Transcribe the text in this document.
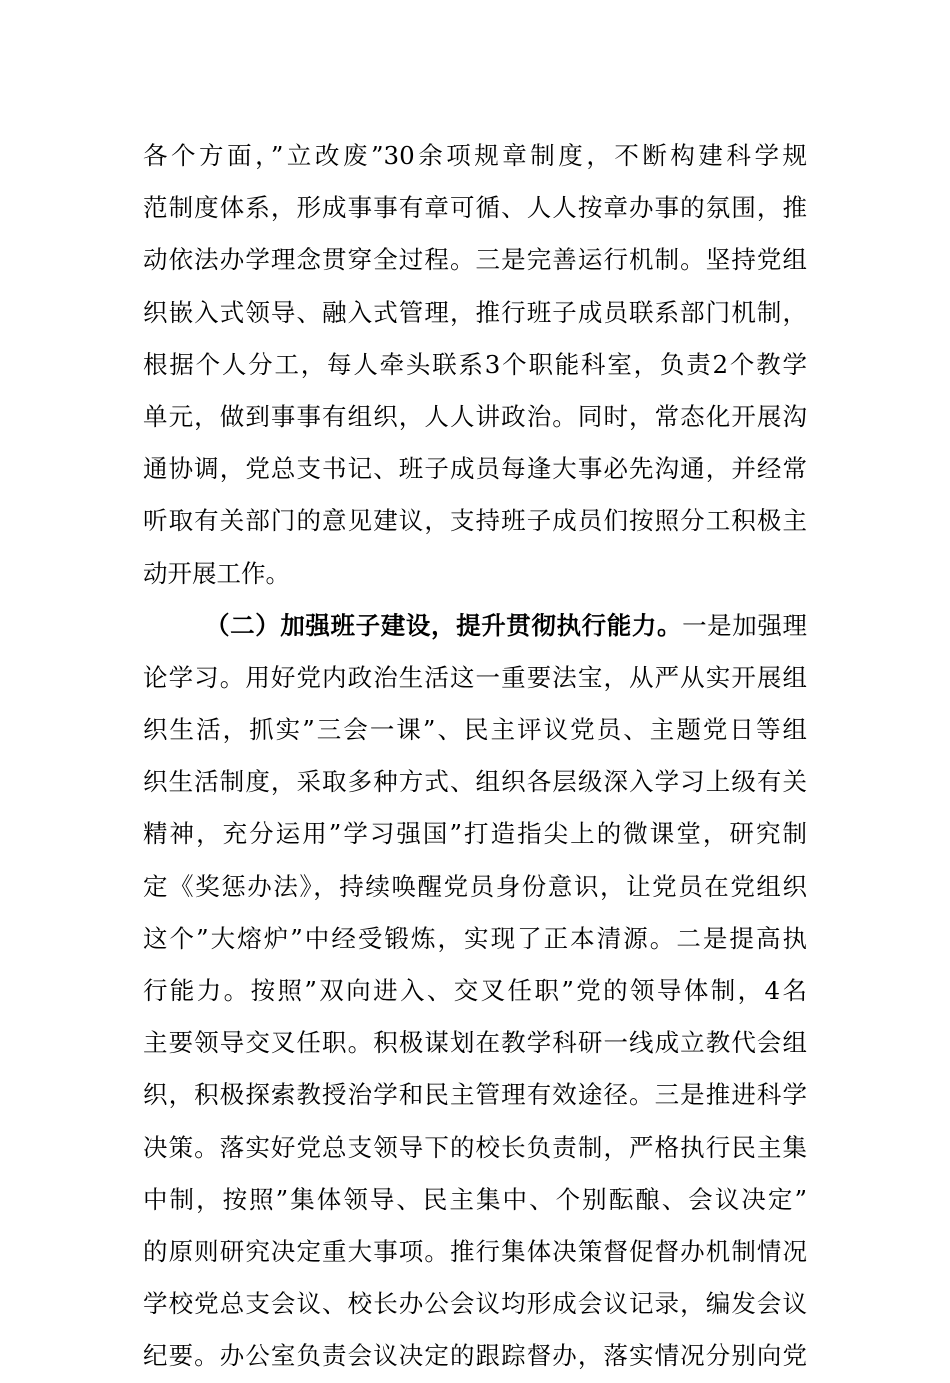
各个方面，”立改废”30余项规章制度，不断构建科学规
范制度体系，形成事事有章可循、人人按章办事的氛围，推
动依法办学理念贯穿全过程。三是完善运行机制。坚持党组
织嵌入式领导、融入式管理，推行班子成员联系部门机制，
根据个人分工，每人牵头联系3个职能科室，负责2个教学
单元，做到事事有组织，人人讲政治。同时，常态化开展沟
通协调，党总支书记、班子成员每逢大事必先沟通，并经常
听取有关部门的意见建议，支持班子成员们按照分工积极主
动开展工作。
（二）加强班子建设，提升贯彻执行能力。一是加强理
论学习。用好党内政治生活这一重要法宝，从严从实开展组
织生活，抓实”三会一课”、民主评议党员、主题党日等组
织生活制度，采取多种方式、组织各层级深入学习上级有关
精神，充分运用”学习强国”打造指尖上的微课堂，研究制
定《奖惩办法》，持续唤醒党员身份意识，让党员在党组织
这个”大熔炉”中经受锻炼，实现了正本清源。二是提高执
行能力。按照”双向进入、交叉任职”党的领导体制，4名
主要领导交叉任职。积极谋划在教学科研一线成立教代会组
织，积极探索教授治学和民主管理有效途径。三是推进科学
决策。落实好党总支领导下的校长负责制，严格执行民主集
中制，按照”集体领导、民主集中、个别酝酿、会议决定”
的原则研究决定重大事项。推行集体决策督促督办机制情况
学校党总支会议、校长办公会议均形成会议记录，编发会议
纪要。办公室负责会议决定的跟踪督办，落实情况分别向党
